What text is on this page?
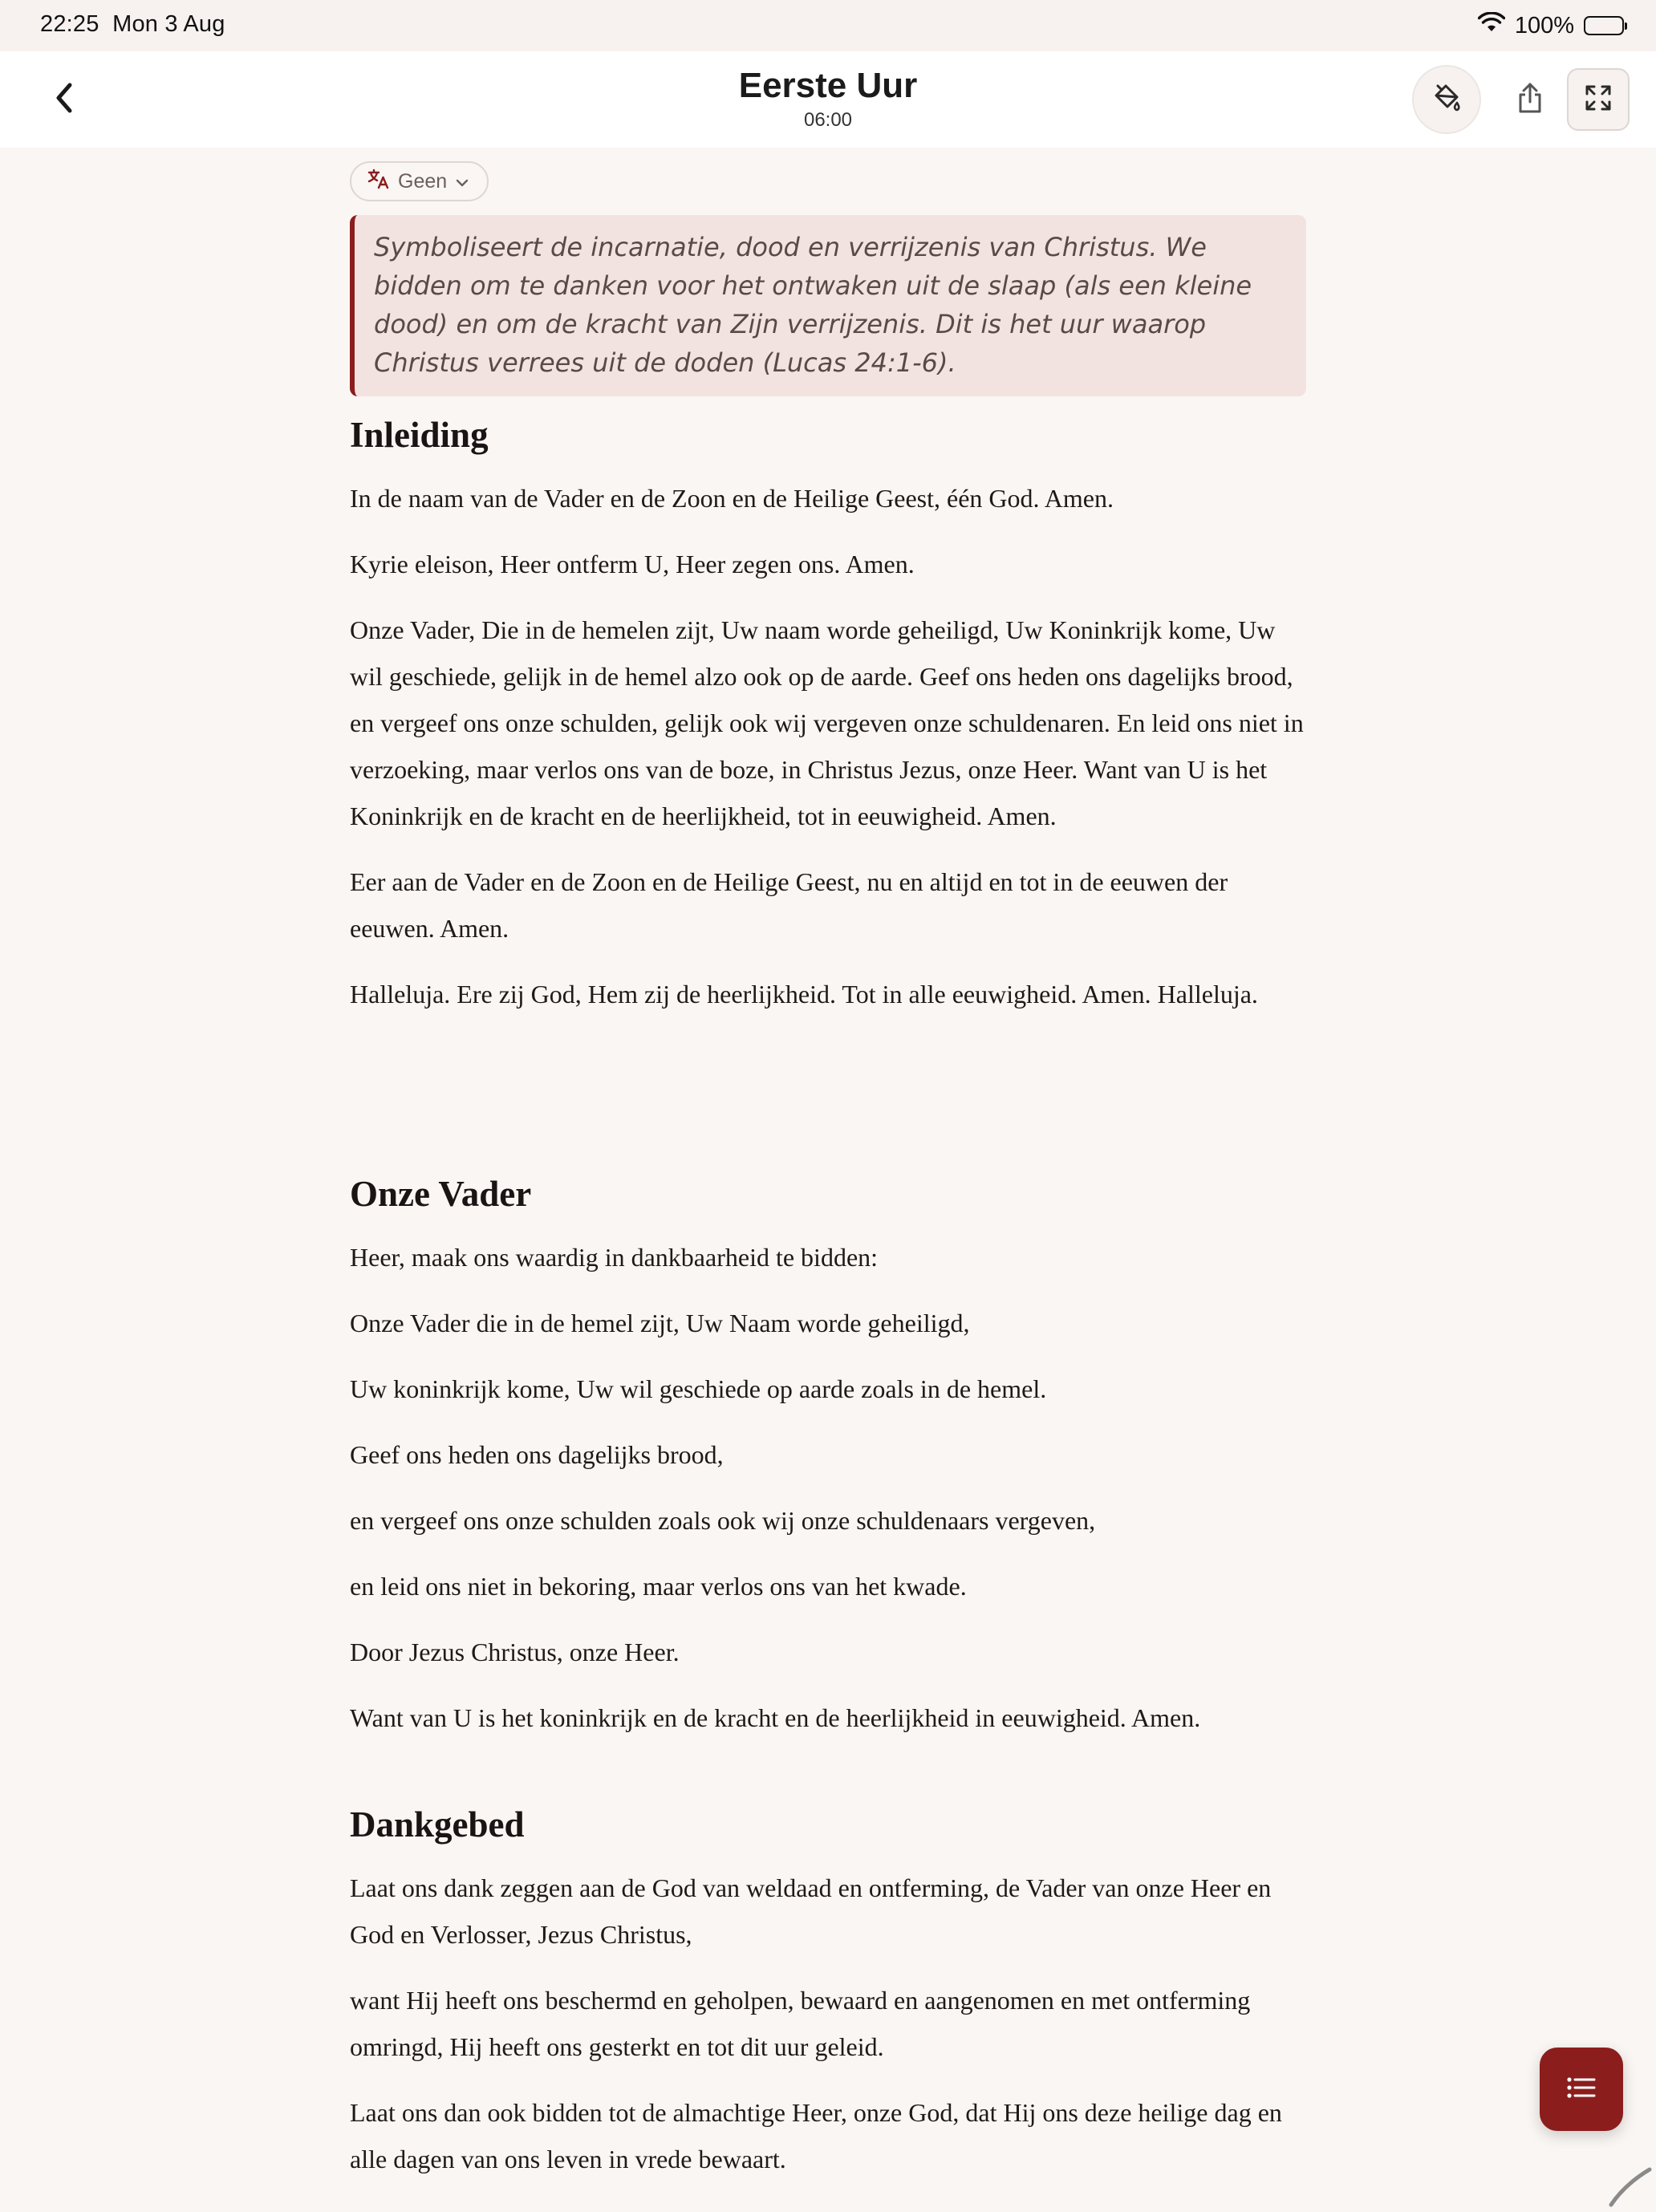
22:25 Mon 3 Aug	100%
Eerste Uur
06:00
Geen
Symboliseert de incarnatie, dood en verrijzenis van Christus. We bidden om te danken voor het ontwaken uit de slaap (als een kleine dood) en om de kracht van Zijn verrijzenis. Dit is het uur waarop Christus verrees uit de doden (Lucas 24:1-6).
Inleiding

In de naam van de Vader en de Zoon en de Heilige Geest, één God. Amen.

Kyrie eleison, Heer ontferm U, Heer zegen ons. Amen.

Onze Vader, Die in de hemelen zijt, Uw naam worde geheiligd, Uw Koninkrijk kome, Uw wil geschiede, gelijk in de hemel alzo ook op de aarde. Geef ons heden ons dagelijks brood, en vergeef ons onze schulden, gelijk ook wij vergeven onze schuldenaren. En leid ons niet in verzoeking, maar verlos ons van de boze, in Christus Jezus, onze Heer. Want van U is het Koninkrijk en de kracht en de heerlijkheid, tot in eeuwigheid. Amen.

Eer aan de Vader en de Zoon en de Heilige Geest, nu en altijd en tot in de eeuwen der eeuwen. Amen.

Halleluja. Ere zij God, Hem zij de heerlijkheid. Tot in alle eeuwigheid. Amen. Halleluja.

Onze Vader

Heer, maak ons waardig in dankbaarheid te bidden:

Onze Vader die in de hemel zijt, Uw Naam worde geheiligd,

Uw koninkrijk kome, Uw wil geschiede op aarde zoals in de hemel.

Geef ons heden ons dagelijks brood,

en vergeef ons onze schulden zoals ook wij onze schuldenaars vergeven,

en leid ons niet in bekoring, maar verlos ons van het kwade.

Door Jezus Christus, onze Heer.

Want van U is het koninkrijk en de kracht en de heerlijkheid in eeuwigheid. Amen.

Dankgebed

Laat ons dank zeggen aan de God van weldaad en ontferming, de Vader van onze Heer en God en Verlosser, Jezus Christus,

want Hij heeft ons beschermd en geholpen, bewaard en aangenomen en met ontferming omringd, Hij heeft ons gesterkt en tot dit uur geleid.

Laat ons dan ook bidden tot de almachtige Heer, onze God, dat Hij ons deze heilige dag en alle dagen van ons leven in vrede bewaart.
